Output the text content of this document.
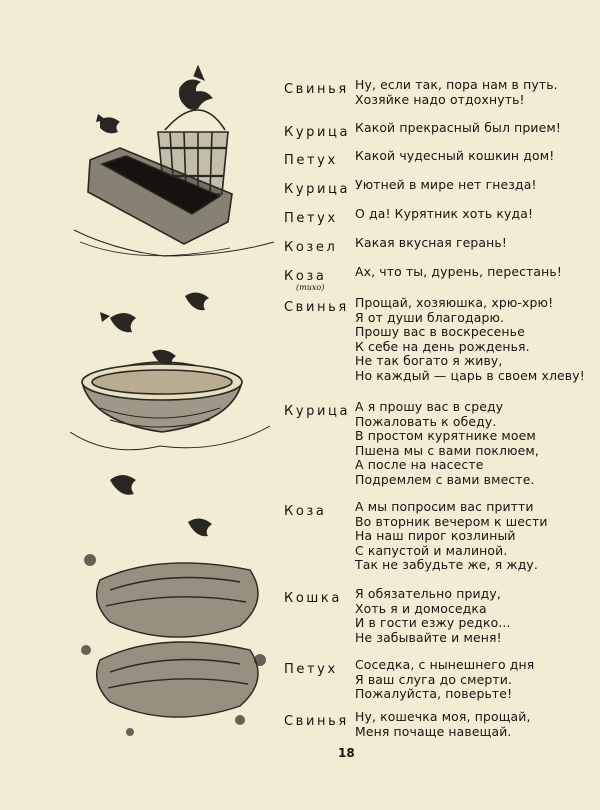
Свинья
Курица
Петух
Курица
Петух
Козел
Коза
(тихо)
Свинья
Курица
Коза
Кошка
Петух
Свинья
Ну, если так, пора нам в путь.
Хозяйке надо отдохнуть!
Какой прекрасный был прием!
Какой чудесный кошкин дом!
Уютней в мире нет гнезда!
О да! Курятник хоть куда!
Какая вкусная герань!
Ах, что ты, дурень, перестань!
Прощай, хозяюшка, хрю-хрю!
Я от души благодарю.
Прошу вас в воскресенье
К себе на день рожденья.
Не так богато я живу,
Но каждый — царь в своем хлеву!
А я прошу вас в среду
Пожаловать к обеду.
В простом курятнике моем
Пшена мы с вами поклюем,
А после на насесте
Подремлем с вами вместе.
А мы попросим вас притти
Во вторник вечером к шести
На наш пирог козлиный
С капустой и малиной.
Так не забудьте же, я жду.
Я обязательно приду,
Хоть я и домоседка
И в гости езжу редко...
Не забывайте и меня!
Соседка, с нынешнего дня
Я ваш слуга до смерти.
Пожалуйста, поверьте!
Ну, кошечка моя, прощай,
Меня почаще навещай.
18
